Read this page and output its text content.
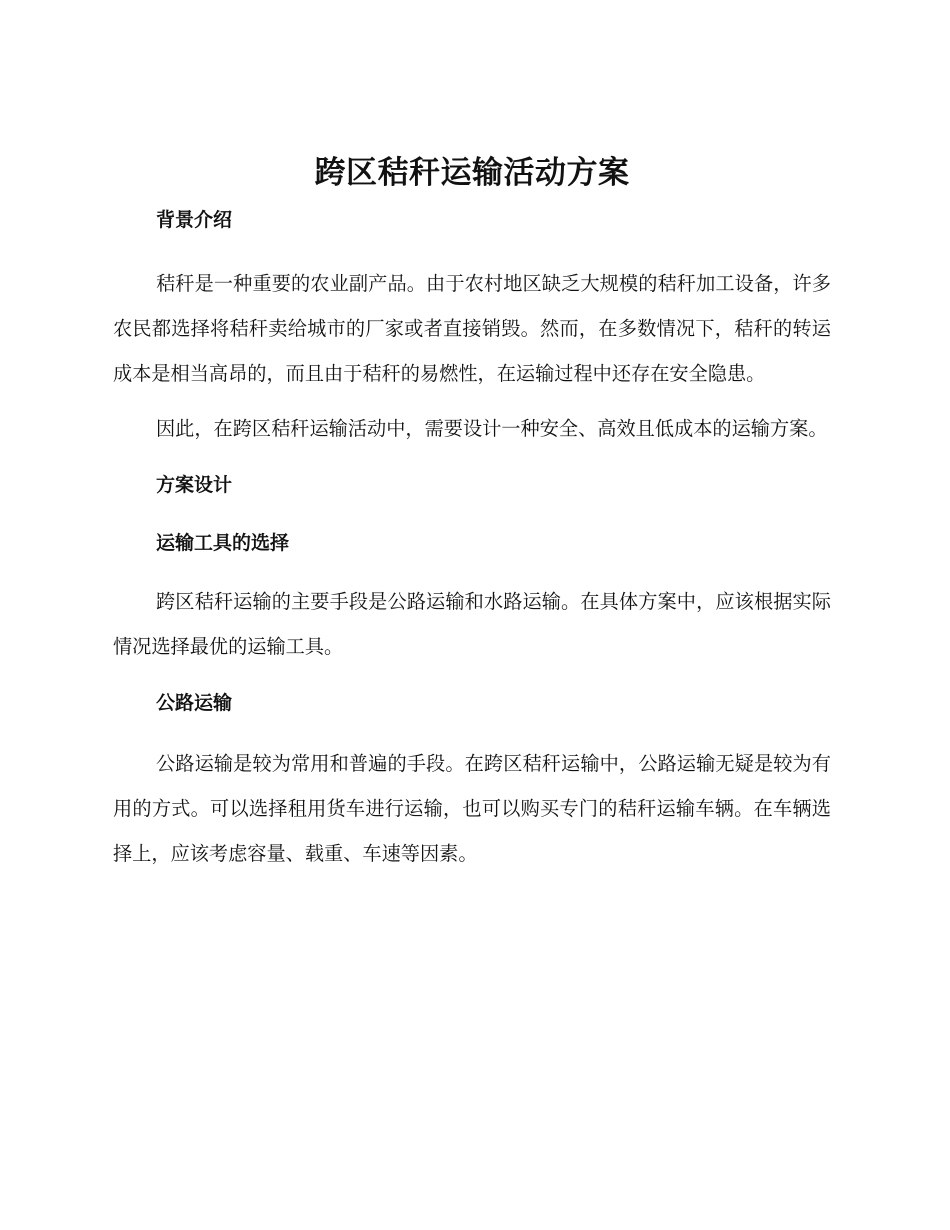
跨区秸秆运输活动方案
背景介绍

秸秆是一种重要的农业副产品。由于农村地区缺乏大规模的秸秆加工设备，许多农民都选择将秸秆卖给城市的厂家或者直接销毁。然而，在多数情况下，秸秆的转运成本是相当高昂的，而且由于秸秆的易燃性，在运输过程中还存在安全隐患。

因此，在跨区秸秆运输活动中，需要设计一种安全、高效且低成本的运输方案。

方案设计
运输工具的选择

跨区秸秆运输的主要手段是公路运输和水路运输。在具体方案中，应该根据实际情况选择最优的运输工具。

公路运输

公路运输是较为常用和普遍的手段。在跨区秸秆运输中，公路运输无疑是较为有用的方式。可以选择租用货车进行运输，也可以购买专门的秸秆运输车辆。在车辆选择上，应该考虑容量、载重、车速等因素。
